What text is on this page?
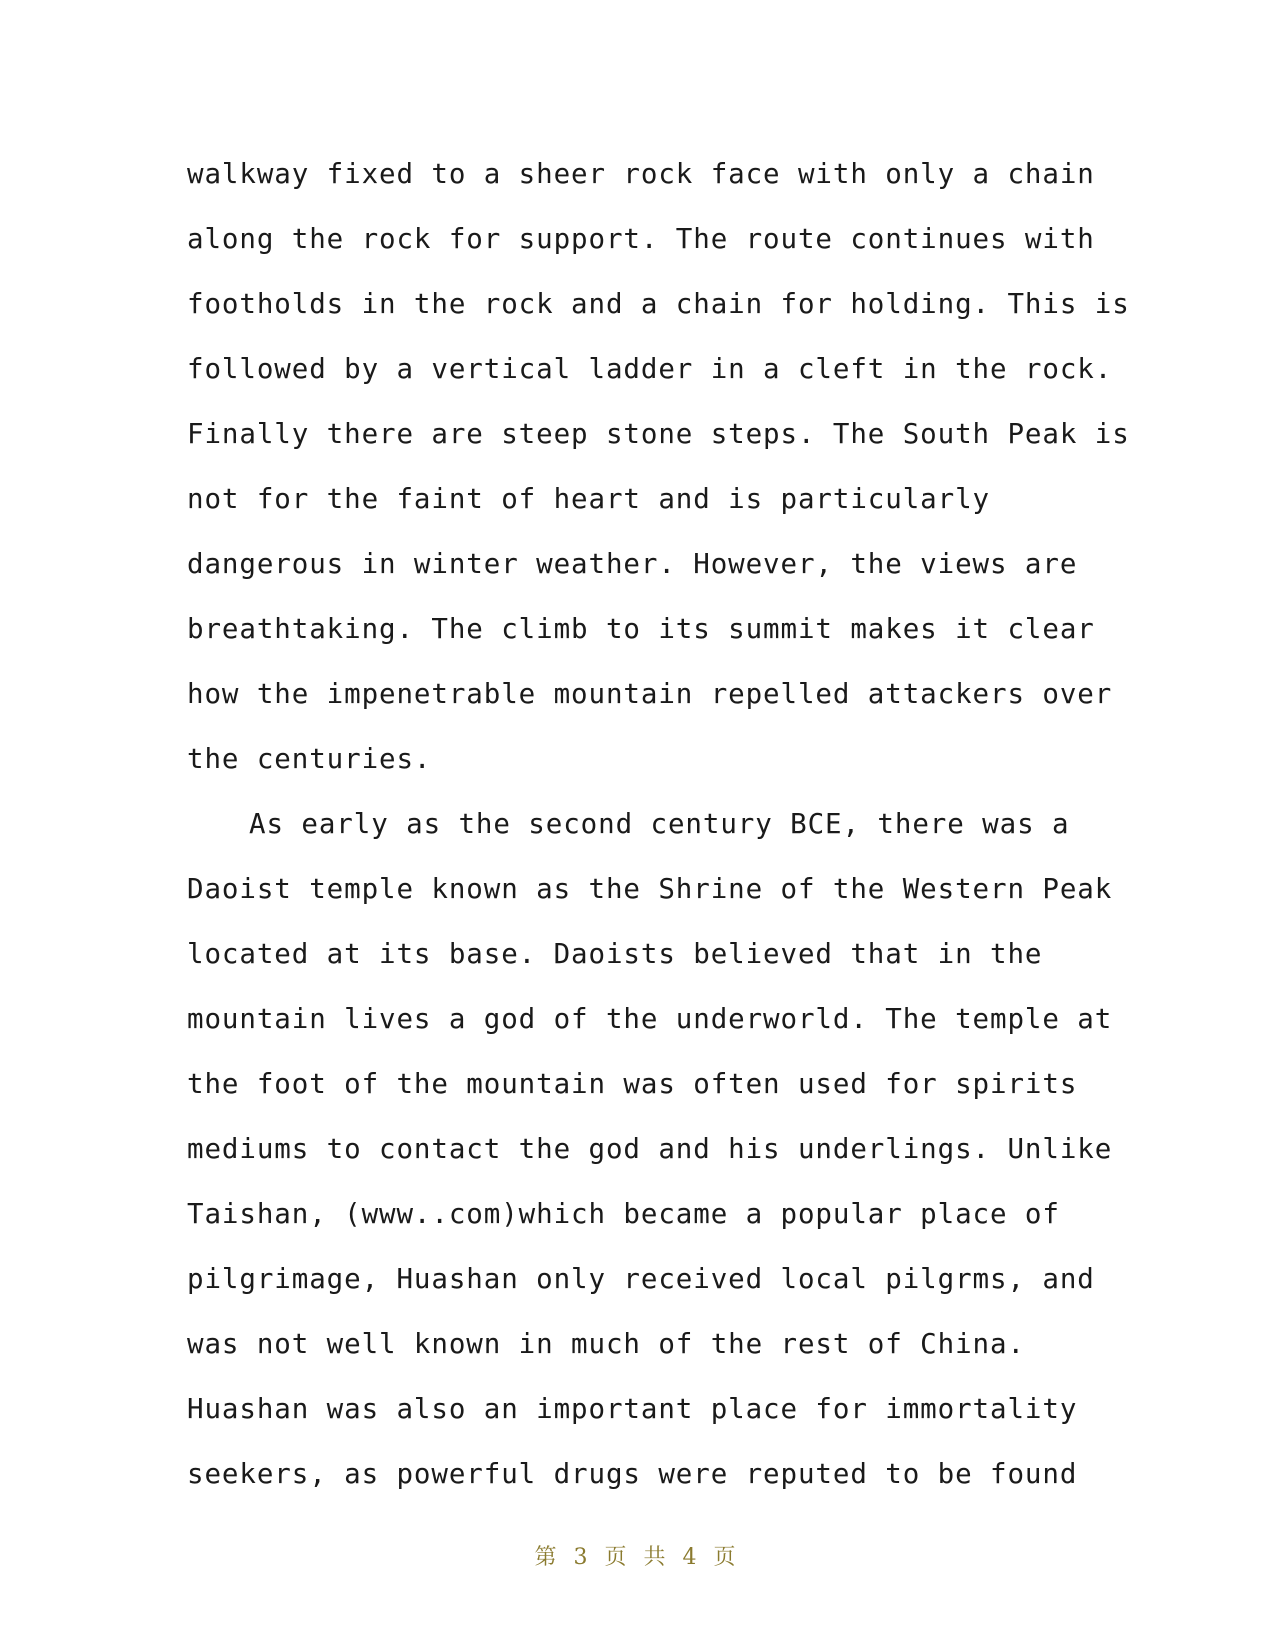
walkway fixed to a sheer rock face with only a chain
along the rock for support. The route continues with
footholds in the rock and a chain for holding. This is
followed by a vertical ladder in a cleft in the rock.
Finally there are steep stone steps. The South Peak is
not for the faint of heart and is particularly
dangerous in winter weather. However, the views are
breathtaking. The climb to its summit makes it clear
how the impenetrable mountain repelled attackers over
the centuries.
As early as the second century BCE, there was a
Daoist temple known as the Shrine of the Western Peak
located at its base. Daoists believed that in the
mountain lives a god of the underworld. The temple at
the foot of the mountain was often used for spirits
mediums to contact the god and his underlings. Unlike
Taishan, (www..com)which became a popular place of
pilgrimage, Huashan only received local pilgrms, and
was not well known in much of the rest of China.
Huashan was also an important place for immortality
seekers, as powerful drugs were reputed to be found
第 3 页 共 4 页
